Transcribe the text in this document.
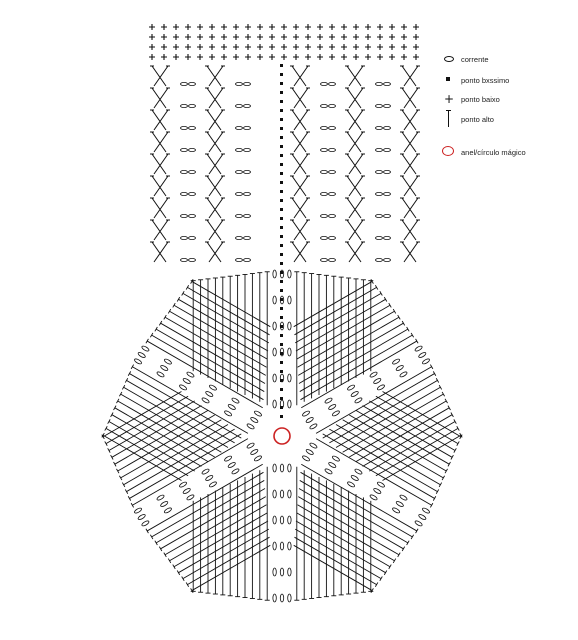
corrente
ponto bxssimo
+ ponto baixo
ponto alto
anel/círculo mágico
